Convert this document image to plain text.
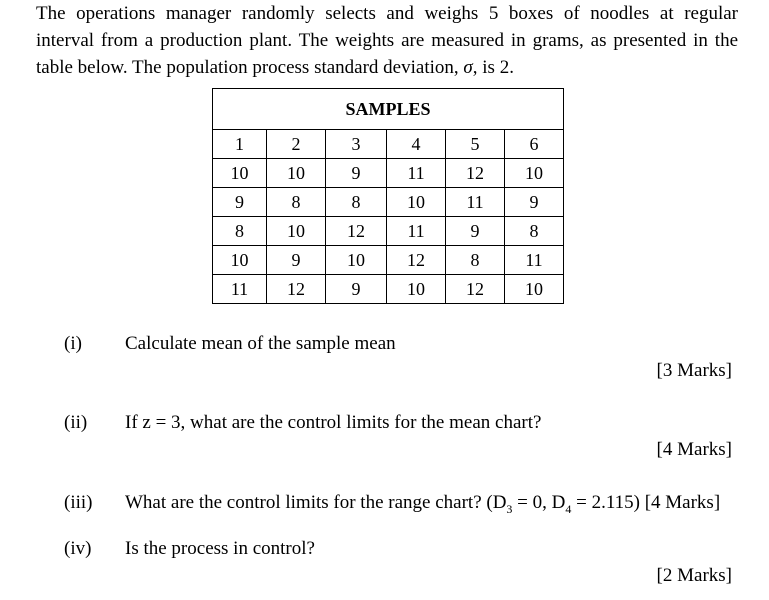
The operations manager randomly selects and weighs 5 boxes of noodles at regular
interval from a production plant. The weights are measured in grams, as presented in the
table below. The population process standard deviation, σ, is 2.
SAMPLES					
1	2	3	4	5	6
10	10	9	11	12	10
9	8	8	10	11	9
8	10	12	11	9	8
10	9	10	12	8	11
11	12	9	10	12	10
(i) Calculate mean of the sample mean
[3 Marks]
(ii) If z = 3, what are the control limits for the mean chart?
[4 Marks]
(iii) What are the control limits for the range chart? ($D_3 = 0$, $D_4 = 2.115$) [4 Marks]
(iv) Is the process in control?
[2 Marks]
